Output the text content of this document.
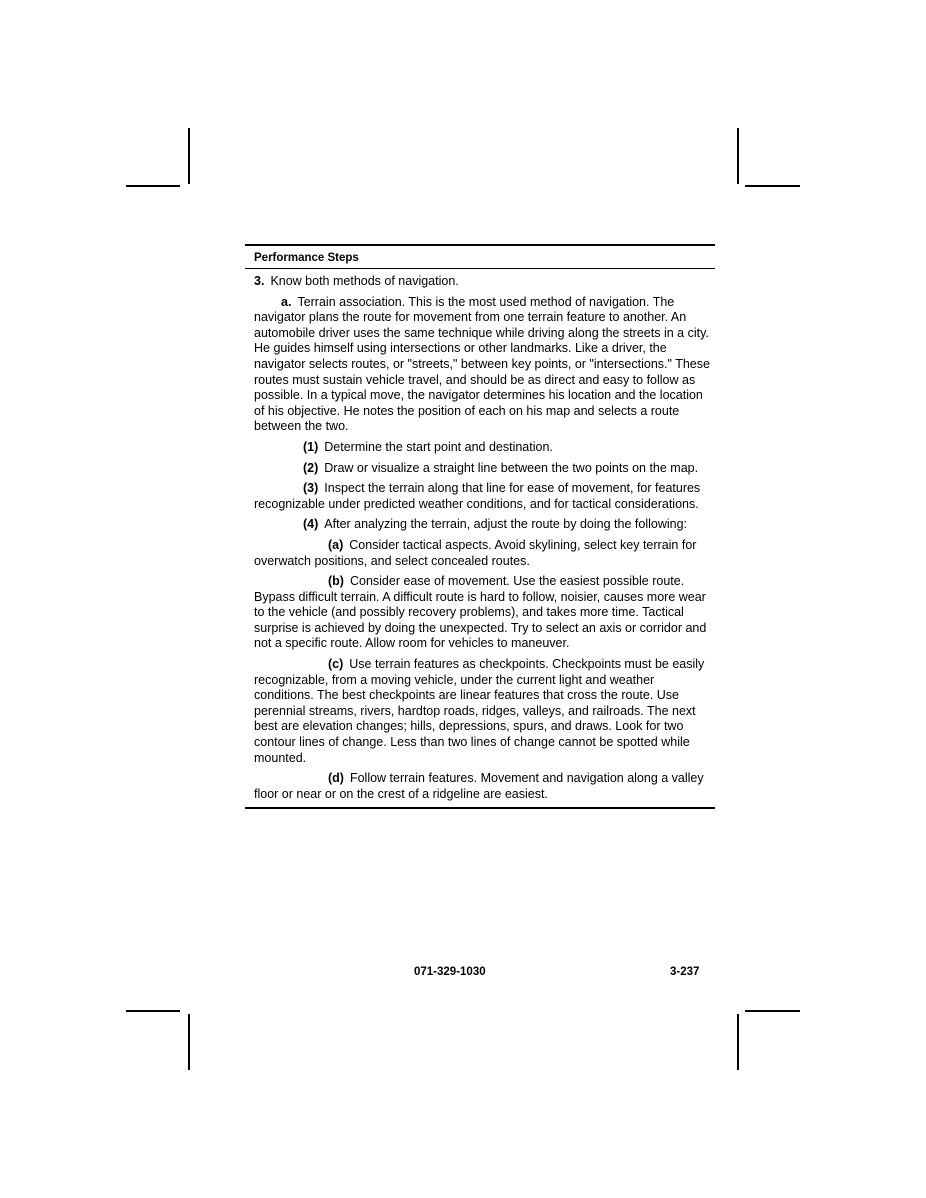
Performance Steps

3. Know both methods of navigation.

a. Terrain association. This is the most used method of navigation. The navigator plans the route for movement from one terrain feature to another. An automobile driver uses the same technique while driving along the streets in a city. He guides himself using intersections or other landmarks. Like a driver, the navigator selects routes, or "streets," between key points, or "intersections." These routes must sustain vehicle travel, and should be as direct and easy to follow as possible. In a typical move, the navigator determines his location and the location of his objective. He notes the position of each on his map and selects a route between the two.

(1) Determine the start point and destination.

(2) Draw or visualize a straight line between the two points on the map.

(3) Inspect the terrain along that line for ease of movement, for features recognizable under predicted weather conditions, and for tactical considerations.

(4) After analyzing the terrain, adjust the route by doing the following:

(a) Consider tactical aspects. Avoid skylining, select key terrain for overwatch positions, and select concealed routes.

(b) Consider ease of movement. Use the easiest possible route. Bypass difficult terrain. A difficult route is hard to follow, noisier, causes more wear to the vehicle (and possibly recovery problems), and takes more time. Tactical surprise is achieved by doing the unexpected. Try to select an axis or corridor and not a specific route. Allow room for vehicles to maneuver.

(c) Use terrain features as checkpoints. Checkpoints must be easily recognizable, from a moving vehicle, under the current light and weather conditions. The best checkpoints are linear features that cross the route. Use perennial streams, rivers, hardtop roads, ridges, valleys, and railroads. The next best are elevation changes; hills, depressions, spurs, and draws. Look for two contour lines of change. Less than two lines of change cannot be spotted while mounted.

(d) Follow terrain features. Movement and navigation along a valley floor or near or on the crest of a ridgeline are easiest.

071-329-1030	3-237
